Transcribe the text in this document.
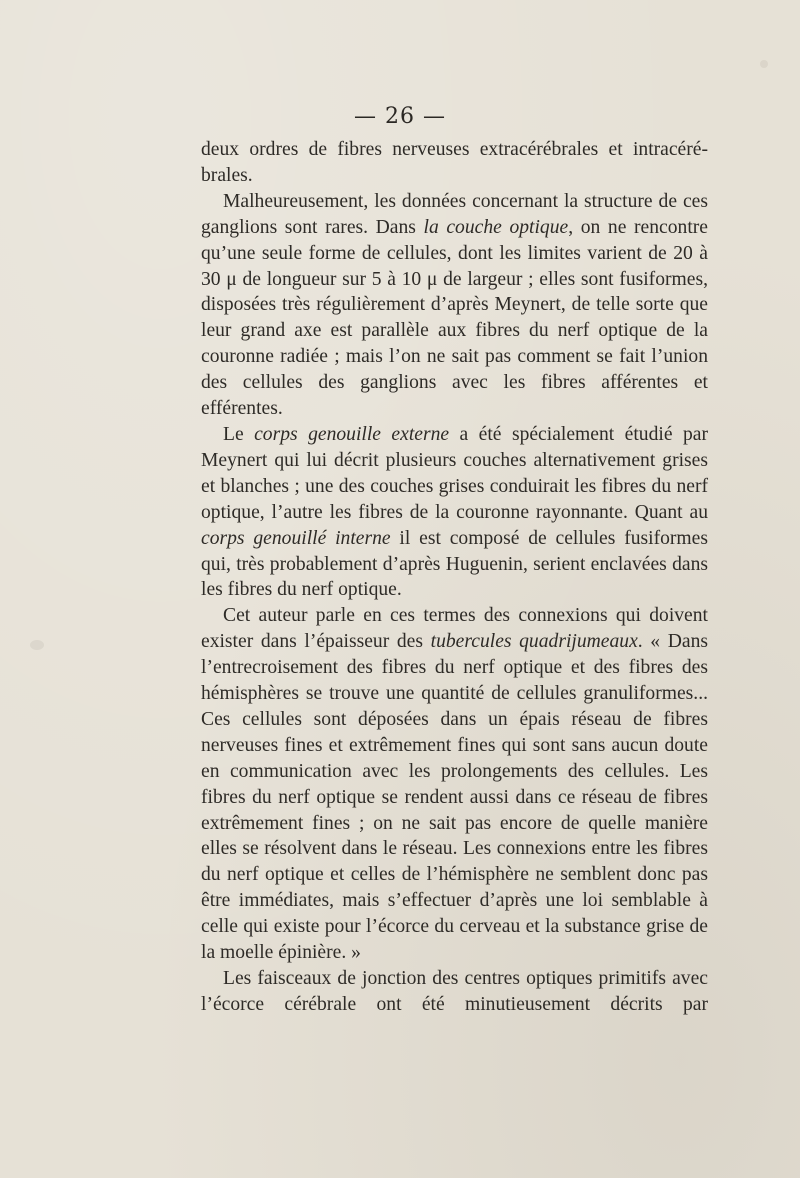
— 26 —

deux ordres de fibres nerveuses extracérébrales et intracérébrales.

Malheureusement, les données concernant la structure de ces ganglions sont rares. Dans la couche optique, on ne rencontre qu’une seule forme de cellules, dont les limites varient de 20 à 30 μ de longueur sur 5 à 10 μ de largeur ; elles sont fusiformes, disposées très régulièrement d’après Meynert, de telle sorte que leur grand axe est parallèle aux fibres du nerf optique de la couronne radiée ; mais l’on ne sait pas comment se fait l’union des cellules des ganglions avec les fibres afférentes et efférentes.

Le corps genouille externe a été spécialement étudié par Meynert qui lui décrit plusieurs couches alternativement grises et blanches ; une des couches grises conduirait les fibres du nerf optique, l’autre les fibres de la couronne rayonnante. Quant au corps genouillé interne il est composé de cellules fusiformes qui, très probablement d’après Huguenin, serient enclavées dans les fibres du nerf optique.

Cet auteur parle en ces termes des connexions qui doivent exister dans l’épaisseur des tubercules quadrijumeaux. « Dans l’entrecroisement des fibres du nerf optique et des fibres des hémisphères se trouve une quantité de cellules granuliformes... Ces cellules sont déposées dans un épais réseau de fibres nerveuses fines et extrêmement fines qui sont sans aucun doute en communication avec les prolongements des cellules. Les fibres du nerf optique se rendent aussi dans ce réseau de fibres extrêmement fines ; on ne sait pas encore de quelle manière elles se résolvent dans le réseau. Les connexions entre les fibres du nerf optique et celles de l’hémisphère ne semblent donc pas être immédiates, mais s’effectuer d’après une loi semblable à celle qui existe pour l’écorce du cerveau et la substance grise de la moelle épinière. »

Les faisceaux de jonction des centres optiques primitifs avec l’écorce cérébrale ont été minutieusement décrits par
